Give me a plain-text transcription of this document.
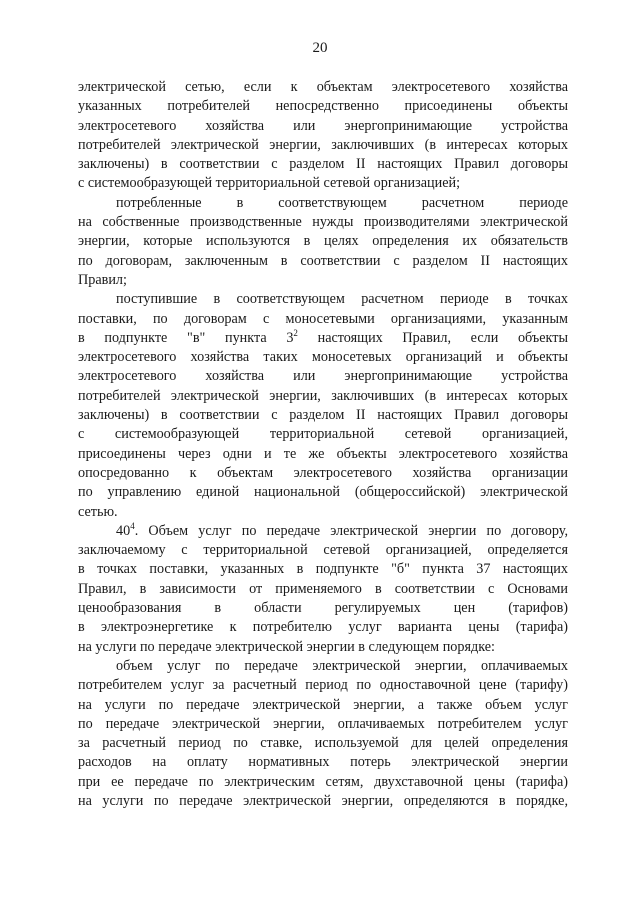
20
электрической сетью, если к объектам электросетевого хозяйства
указанных потребителей непосредственно присоединены объекты
электросетевого хозяйства или энергопринимающие устройства
потребителей электрической энергии, заключивших (в интересах которых
заключены) в соответствии с разделом II настоящих Правил договоры
с системообразующей территориальной сетевой организацией;
потребленные в соответствующем расчетном периоде
на собственные производственные нужды производителями электрической
энергии, которые используются в целях определения их обязательств
по договорам, заключенным в соответствии с разделом II настоящих
Правил;
поступившие в соответствующем расчетном периоде в точках
поставки, по договорам с моносетевыми организациями, указанным
в подпункте "в" пункта $3^2$ настоящих Правил, если объекты
электросетевого хозяйства таких моносетевых организаций и объекты
электросетевого хозяйства или энергопринимающие устройства
потребителей электрической энергии, заключивших (в интересах которых
заключены) в соответствии с разделом II настоящих Правил договоры
с системообразующей территориальной сетевой организацией,
присоединены через одни и те же объекты электросетевого хозяйства
опосредованно к объектам электросетевого хозяйства организации
по управлению единой национальной (общероссийской) электрической
сетью.
$40^4$. Объем услуг по передаче электрической энергии по договору,
заключаемому с территориальной сетевой организацией, определяется
в точках поставки, указанных в подпункте "б" пункта 37 настоящих
Правил, в зависимости от применяемого в соответствии с Основами
ценообразования в области регулируемых цен (тарифов)
в электроэнергетике к потребителю услуг варианта цены (тарифа)
на услуги по передаче электрической энергии в следующем порядке:
объем услуг по передаче электрической энергии, оплачиваемых
потребителем услуг за расчетный период по одноставочной цене (тарифу)
на услуги по передаче электрической энергии, а также объем услуг
по передаче электрической энергии, оплачиваемых потребителем услуг
за расчетный период по ставке, используемой для целей определения
расходов на оплату нормативных потерь электрической энергии
при ее передаче по электрическим сетям, двухставочной цены (тарифа)
на услуги по передаче электрической энергии, определяются в порядке,
